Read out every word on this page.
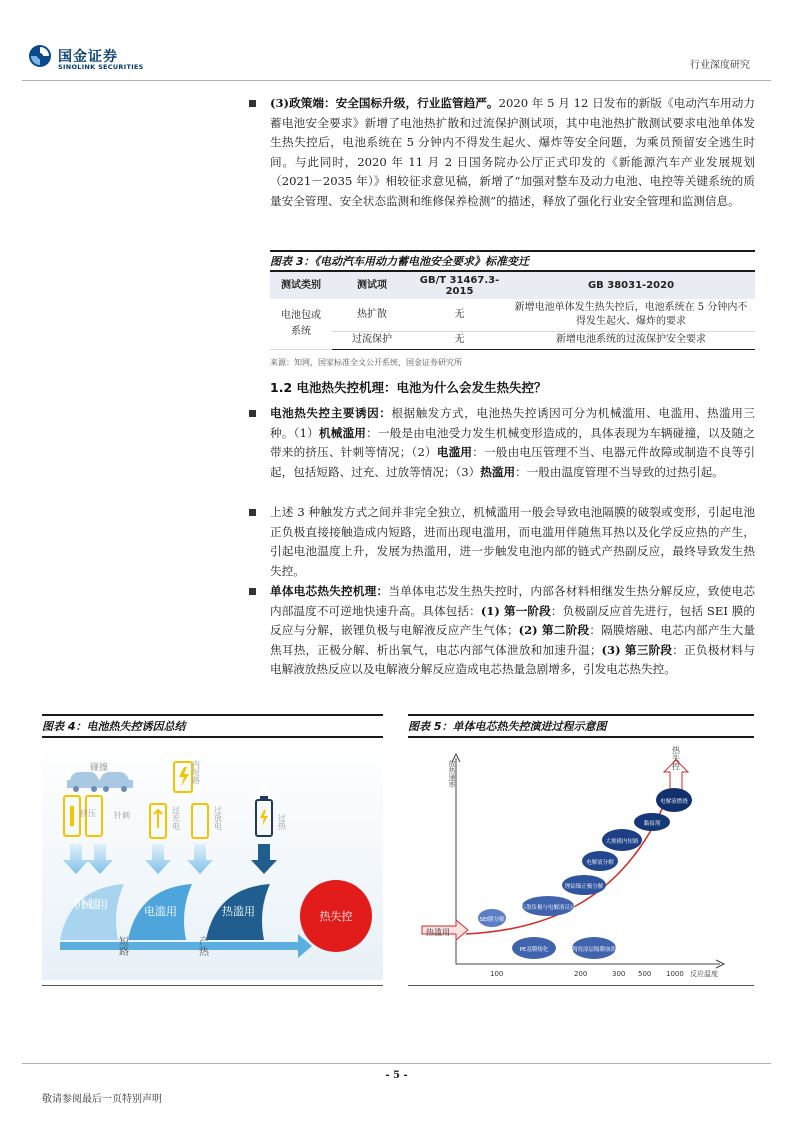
国金证券
SINOLINK SECURITIES	行业深度研究
(3)政策端：安全国标升级，行业监管趋严。2020 年 5 月 12 日发布的新版《电动汽车用动力蓄电池安全要求》新增了电池热扩散和过流保护测试项，其中电池热扩散测试要求电池单体发生热失控后，电池系统在 5 分钟内不得发生起火、爆炸等安全问题，为乘员预留安全逃生时间。与此同时，2020 年 11 月 2 日国务院办公厅正式印发的《新能源汽车产业发展规划（2021－2035 年）》相较征求意见稿，新增了“加强对整车及动力电池、电控等关键系统的质量安全管理、安全状态监测和维修保养检测”的描述，释放了强化行业安全管理和监测信息。
图表 3：《电动汽车用动力蓄电池安全要求》标准变迁
测试类别	测试项	GB/T 31467.3-2015	GB 38031-2020
电池包或系统	热扩散	无	新增电池单体发生热失控后，电池系统在 5 分钟内不得发生起火、爆炸的要求
	过流保护	无	新增电池系统的过流保护安全要求
来源：知网，国家标准全文公开系统，国金证券研究所
1.2 电池热失控机理：电池为什么会发生热失控？
电池热失控主要诱因：根据触发方式，电池热失控诱因可分为机械滥用、电滥用、热滥用三种。（1）机械滥用：一般是由电池受力发生机械变形造成的，具体表现为车辆碰撞，以及随之带来的挤压、针刺等情况；（2）电滥用：一般由电压管理不当、电器元件故障或制造不良等引起，包括短路、过充、过放等情况；（3）热滥用：一般由温度管理不当导致的过热引起。
上述 3 种触发方式之间并非完全独立，机械滥用一般会导致电池隔膜的破裂或变形，引起电池正负极直接接触造成内短路，进而出现电滥用，而电滥用伴随焦耳热以及化学反应热的产生，引起电池温度上升，发展为热滥用，进一步触发电池内部的链式产热副反应，最终导致发生热失控。
单体电芯热失控机理：当单体电芯发生热失控时，内部各材料相继发生热分解反应，致使电芯内部温度不可逆地快速升高。具体包括：(1) 第一阶段：负极副反应首先进行，包括 SEI 膜的反应与分解，嵌锂负极与电解液反应产生气体；(2) 第二阶段：隔膜熔融、电芯内部产生大量焦耳热，正极分解、析出氧气，电芯内部气体泄放和加速升温；(3) 第三阶段：正负极材料与电解液放热反应以及电解液分解反应造成电芯热量急剧增多，引发电芯热失控。
图表 4：电池热失控诱因总结
碰撞
挤压 针刺
内短路
过充电	过放电	过热
机械滥用
电滥用	热滥用
短路	产热
热失控
图表 5：单体电芯热失控演进过程示意图
放热速率
反应温度
100	200	300 500 1000
热滥用
热失控
SEI膜分解
石墨负极与电解液反应
锂钴镍正极分解
电解液分解
大规模内短路
黏接剂
电解液燃烧
PE基膜熔化	陶瓷涂层隔膜崩溃
- 5 -
敬请参阅最后一页特别声明
